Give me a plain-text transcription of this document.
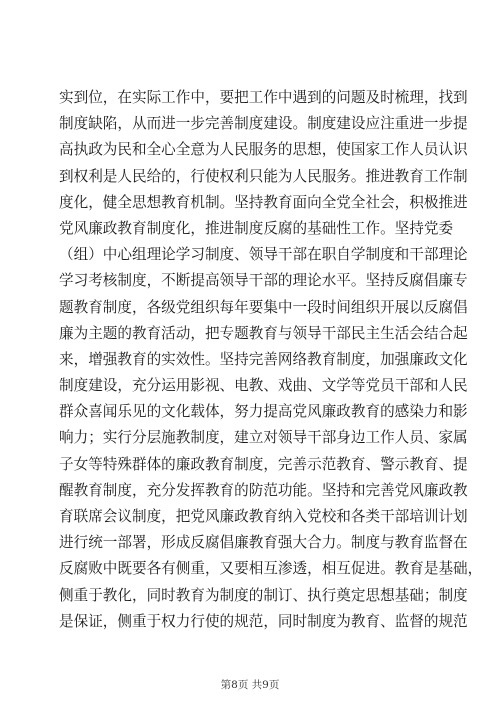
实到位，在实际工作中，要把工作中遇到的问题及时梳理，找到
制度缺陷，从而进一步完善制度建设。制度建设应注重进一步提
高执政为民和全心全意为人民服务的思想，使国家工作人员认识
到权利是人民给的，行使权利只能为人民服务。推进教育工作制
度化，健全思想教育机制。坚持教育面向全党全社会，积极推进
党风廉政教育制度化，推进制度反腐的基础性工作。坚持党委
（组）中心组理论学习制度、领导干部在职自学制度和干部理论
学习考核制度，不断提高领导干部的理论水平。坚持反腐倡廉专
题教育制度，各级党组织每年要集中一段时间组织开展以反腐倡
廉为主题的教育活动，把专题教育与领导干部民主生活会结合起
来，增强教育的实效性。坚持完善网络教育制度，加强廉政文化
制度建设，充分运用影视、电教、戏曲、文学等党员干部和人民
群众喜闻乐见的文化载体，努力提高党风廉政教育的感染力和影
响力；实行分层施教制度，建立对领导干部身边工作人员、家属
子女等特殊群体的廉政教育制度，完善示范教育、警示教育、提
醒教育制度，充分发挥教育的防范功能。坚持和完善党风廉政教
育联席会议制度，把党风廉政教育纳入党校和各类干部培训计划
进行统一部署，形成反腐倡廉教育强大合力。制度与教育监督在
反腐败中既要各有侧重，又要相互渗透，相互促进。教育是基础，
侧重于教化，同时教育为制度的制订、执行奠定思想基础；制度
是保证，侧重于权力行使的规范，同时制度为教育、监督的规范
第8页 共9页
